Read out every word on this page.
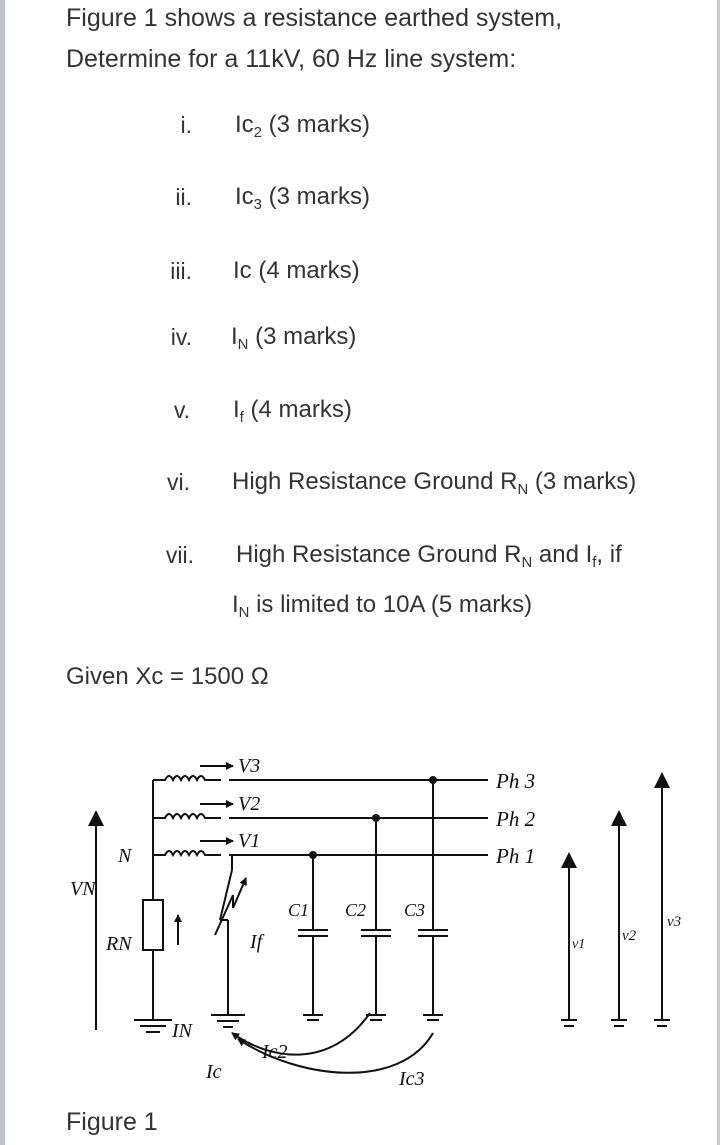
Figure 1 shows a resistance earthed system,
Determine for a 11kV, 60 Hz line system:
i. $Ic_2$ (3 marks)
ii. $Ic_3$ (3 marks)
iii. Ic (4 marks)
iv. $I_N$ (3 marks)
v. $I_f$ (4 marks)
vi. High Resistance Ground $R_N$ (3 marks)
vii. High Resistance Ground $R_N$ and $I_f$, if
$I_N$ is limited to 10A (5 marks)
Given Xc = 1500 Ω
V3
V2
V1
Ph 3
Ph 2
Ph 1
N
VN
RN
IN
Ic
If
C1 C2 C3
Ic2
Ic3
v1
v2
v3
Figure 1
